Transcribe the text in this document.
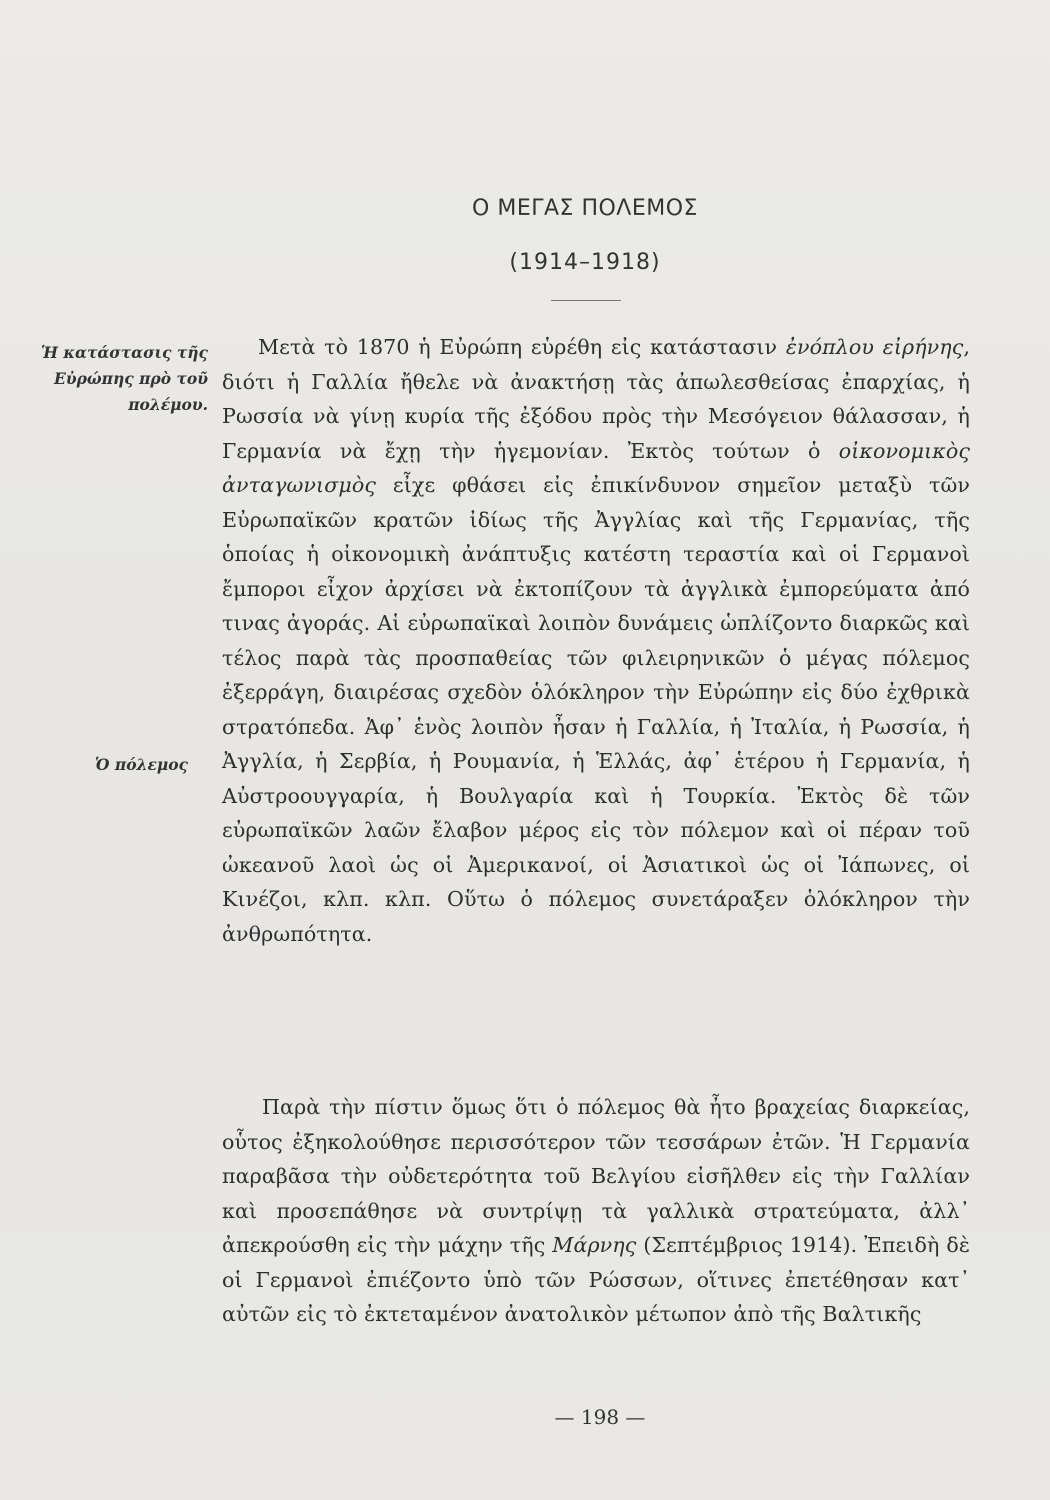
Ο ΜΕΓΑΣ ΠΟΛΕΜΟΣ
(1914–1918)
Ἡ κατάστασις τῆς Εὐρώπης πρὸ τοῦ πολέμου.
Ὁ πόλεμος
Μετὰ τὸ 1870 ἡ Εὐρώπη εὑρέθη εἰς κατάστασιν ἐνόπλου εἰρήνης, διότι ἡ Γαλλία ἤθελε νὰ ἀνακτήσῃ τὰς ἀπωλεσθείσας ἐπαρχίας, ἡ Ρωσσία νὰ γίνῃ κυρία τῆς ἐξόδου πρὸς τὴν Μεσόγειον θάλασσαν, ἡ Γερμανία νὰ ἔχῃ τὴν ἡγεμονίαν. Ἐκτὸς τούτων ὁ οἰκονομικὸς ἀνταγωνισμὸς εἶχε φθάσει εἰς ἐπικίνδυνον σημεῖον μεταξὺ τῶν Εὐρωπαϊκῶν κρατῶν ἰδίως τῆς Ἀγγλίας καὶ τῆς Γερμανίας, τῆς ὁποίας ἡ οἰκονομικὴ ἀνάπτυξις κατέστη τεραστία καὶ οἱ Γερμανοὶ ἔμποροι εἶχον ἀρχίσει νὰ ἐκτοπίζουν τὰ ἀγγλικὰ ἐμπορεύματα ἀπό τινας ἀγοράς. Αἱ εὐρωπαϊκαὶ λοιπὸν δυνάμεις ὡπλίζοντο διαρκῶς καὶ τέλος παρὰ τὰς προσπαθείας τῶν φιλειρηνικῶν ὁ μέγας πόλεμος ἐξερράγη, διαιρέσας σχεδὸν ὁλόκληρον τὴν Εὐρώπην εἰς δύο ἐχθρικὰ στρατόπεδα. Ἀφ᾿ ἑνὸς λοιπὸν ἦσαν ἡ Γαλλία, ἡ Ἰταλία, ἡ Ρωσσία, ἡ Ἀγγλία, ἡ Σερβία, ἡ Ρουμανία, ἡ Ἑλλάς, ἀφ᾿ ἑτέρου ἡ Γερμανία, ἡ Αὐστροουγγαρία, ἡ Βουλγαρία καὶ ἡ Τουρκία. Ἐκτὸς δὲ τῶν εὐρωπαϊκῶν λαῶν ἔλαβον μέρος εἰς τὸν πόλεμον καὶ οἱ πέραν τοῦ ὠκεανοῦ λαοὶ ὡς οἱ Ἀμερικανοί, οἱ Ἀσιατικοὶ ὡς οἱ Ἰάπωνες, οἱ Κινέζοι, κλπ. κλπ. Οὕτω ὁ πόλεμος συνετάραξεν ὁλόκληρον τὴν ἀνθρωπότητα.
Παρὰ τὴν πίστιν ὅμως ὅτι ὁ πόλεμος θὰ ἦτο βραχείας διαρκείας, οὗτος ἐξηκολούθησε περισσότερον τῶν τεσσάρων ἐτῶν. Ἡ Γερμανία παραβᾶσα τὴν οὐδετερότητα τοῦ Βελγίου εἰσῆλθεν εἰς τὴν Γαλλίαν καὶ προσεπάθησε νὰ συντρίψῃ τὰ γαλλικὰ στρατεύματα, ἀλλ᾿ ἀπεκρούσθη εἰς τὴν μάχην τῆς Μάρνης (Σεπτέμβριος 1914). Ἐπειδὴ δὲ οἱ Γερμανοὶ ἐπιέζοντο ὑπὸ τῶν Ρώσσων, οἵτινες ἐπετέθησαν κατ᾿ αὐτῶν εἰς τὸ ἐκτεταμένον ἀνατολικὸν μέτωπον ἀπὸ τῆς Βαλτικῆς
— 198 —
